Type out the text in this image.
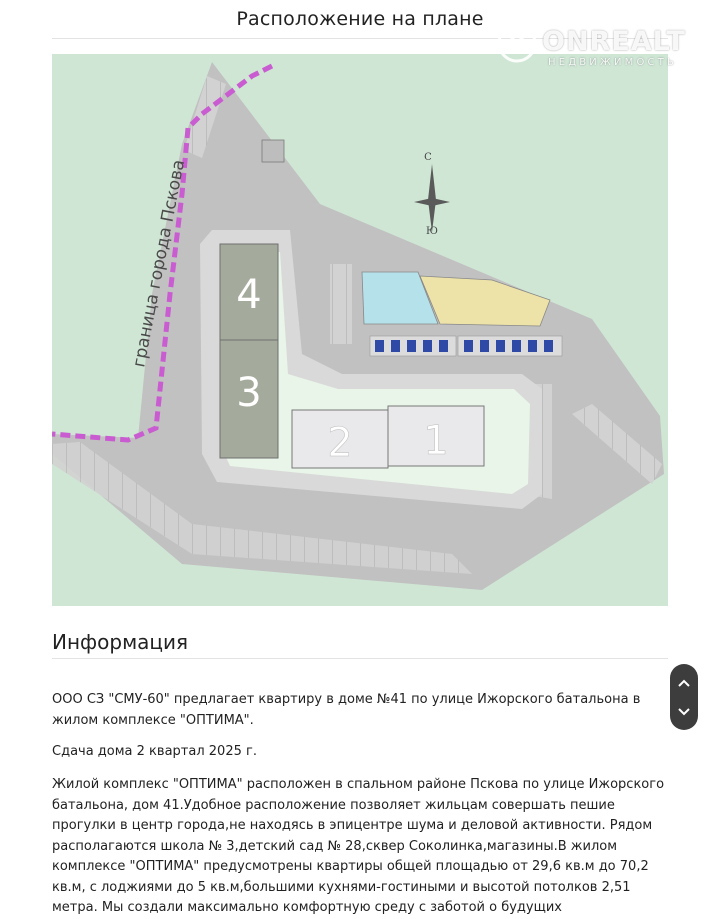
Расположение на плане
4
3
2 1
граница города Пскова
С
Ю
ONREALT
НЕДВИЖИМОСТЬ
Информация
ООО СЗ "СМУ-60" предлагает квартиру в доме №41 по улице Ижорского батальона в жилом комплексе "ОПТИМА".
Сдача дома 2 квартал 2025 г.
Жилой комплекс "ОПТИМА" расположен в спальном районе Пскова по улице Ижорского батальона, дом 41.Удобное расположение позволяет жильцам совершать пешие прогулки в центр города,не находясь в эпицентре шума и деловой активности. Рядом располагаются школа № 3,детский сад № 28,сквер Соколинка,магазины.В жилом комплексе "ОПТИМА" предусмотрены квартиры общей площадью от 29,6 кв.м до 70,2 кв.м, с лоджиями до 5 кв.м,большими кухнями-гостиными и высотой потолков 2,51 метра. Мы создали максимально комфортную среду с заботой о будущих
